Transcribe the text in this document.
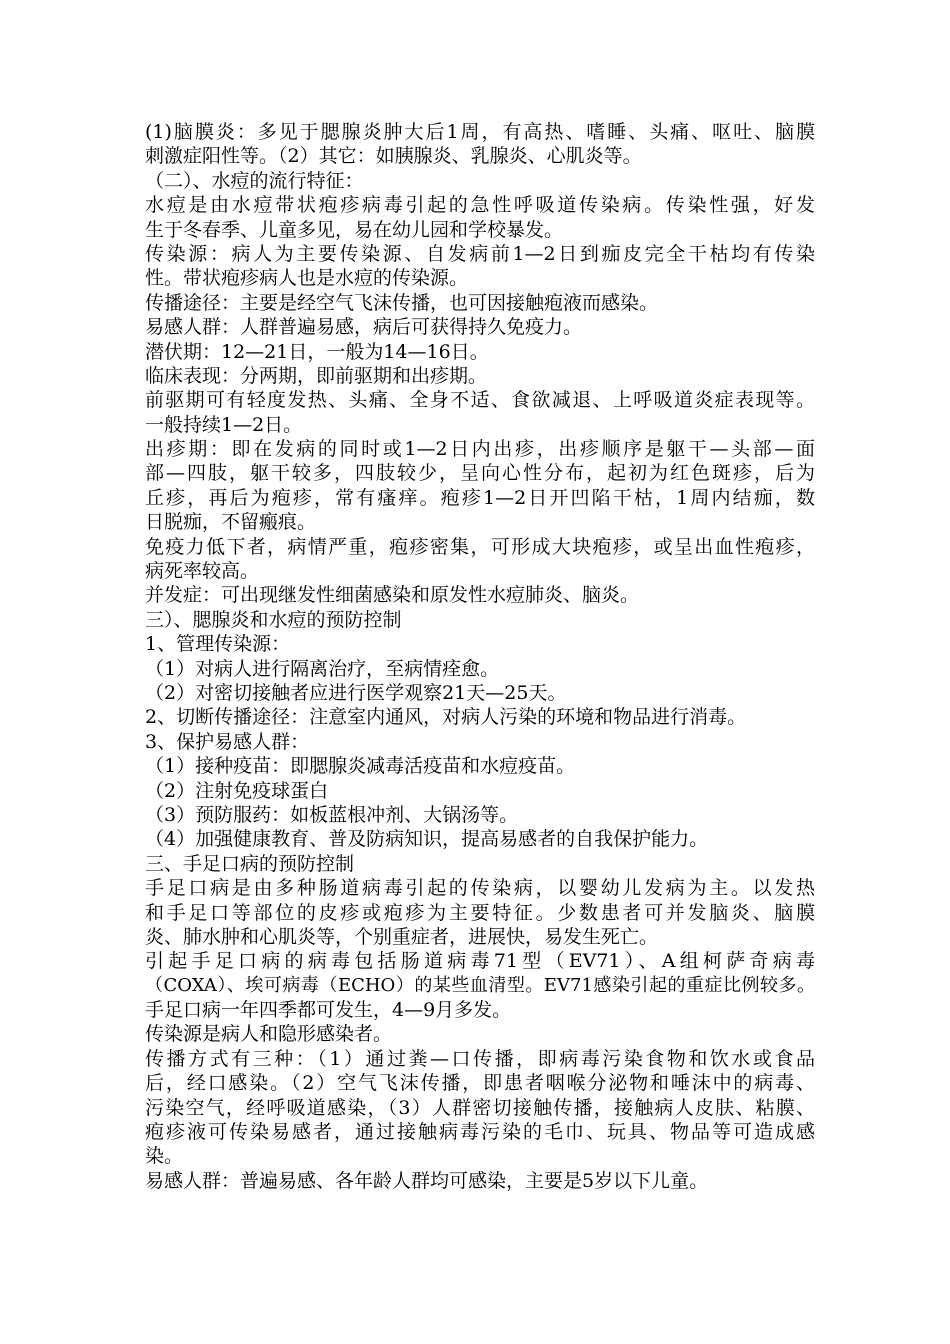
(1)脑膜炎：多见于腮腺炎肿大后1周，有高热、嗜睡、头痛、呕吐、脑膜
刺激症阳性等。（2）其它：如胰腺炎、乳腺炎、心肌炎等。
（二）、水痘的流行特征：
水痘是由水痘带状疱疹病毒引起的急性呼吸道传染病。传染性强，好发
生于冬春季、儿童多见，易在幼儿园和学校暴发。
传染源：病人为主要传染源、自发病前1—2日到痂皮完全干枯均有传染
性。带状疱疹病人也是水痘的传染源。
传播途径：主要是经空气飞沫传播，也可因接触疱液而感染。
易感人群：人群普遍易感，病后可获得持久免疫力。
潜伏期：12—21日，一般为14—16日。
临床表现：分两期，即前驱期和出疹期。
前驱期可有轻度发热、头痛、全身不适、食欲减退、上呼吸道炎症表现等。
一般持续1—2日。
出疹期：即在发病的同时或1—2日内出疹，出疹顺序是躯干—头部—面
部—四肢，躯干较多，四肢较少，呈向心性分布，起初为红色斑疹，后为
丘疹，再后为疱疹，常有瘙痒。疱疹1—2日开凹陷干枯，1周内结痂，数
日脱痂，不留瘢痕。
免疫力低下者，病情严重，疱疹密集，可形成大块疱疹，或呈出血性疱疹，
病死率较高。
并发症：可出现继发性细菌感染和原发性水痘肺炎、脑炎。
三）、腮腺炎和水痘的预防控制
1、管理传染源：
（1）对病人进行隔离治疗，至病情痊愈。
（2）对密切接触者应进行医学观察21天—25天。
2、切断传播途径：注意室内通风，对病人污染的环境和物品进行消毒。
3、保护易感人群：
（1）接种疫苗：即腮腺炎减毒活疫苗和水痘疫苗。
（2）注射免疫球蛋白
（3）预防服药：如板蓝根冲剂、大锅汤等。
（4）加强健康教育、普及防病知识，提高易感者的自我保护能力。
三、手足口病的预防控制
手足口病是由多种肠道病毒引起的传染病，以婴幼儿发病为主。以发热
和手足口等部位的皮疹或疱疹为主要特征。少数患者可并发脑炎、脑膜
炎、肺水肿和心肌炎等，个别重症者，进展快，易发生死亡。
引起手足口病的病毒包括肠道病毒71型（EV71）、A组柯萨奇病毒
（COXA）、埃可病毒（ECHO）的某些血清型。EV71感染引起的重症比例较多。
手足口病一年四季都可发生，4—9月多发。
传染源是病人和隐形感染者。
传播方式有三种：（1）通过粪—口传播，即病毒污染食物和饮水或食品
后，经口感染。（2）空气飞沫传播，即患者咽喉分泌物和唾沫中的病毒、
污染空气，经呼吸道感染，（3）人群密切接触传播，接触病人皮肤、粘膜、
疱疹液可传染易感者，通过接触病毒污染的毛巾、玩具、物品等可造成感
染。
易感人群：普遍易感、各年龄人群均可感染，主要是5岁以下儿童。
